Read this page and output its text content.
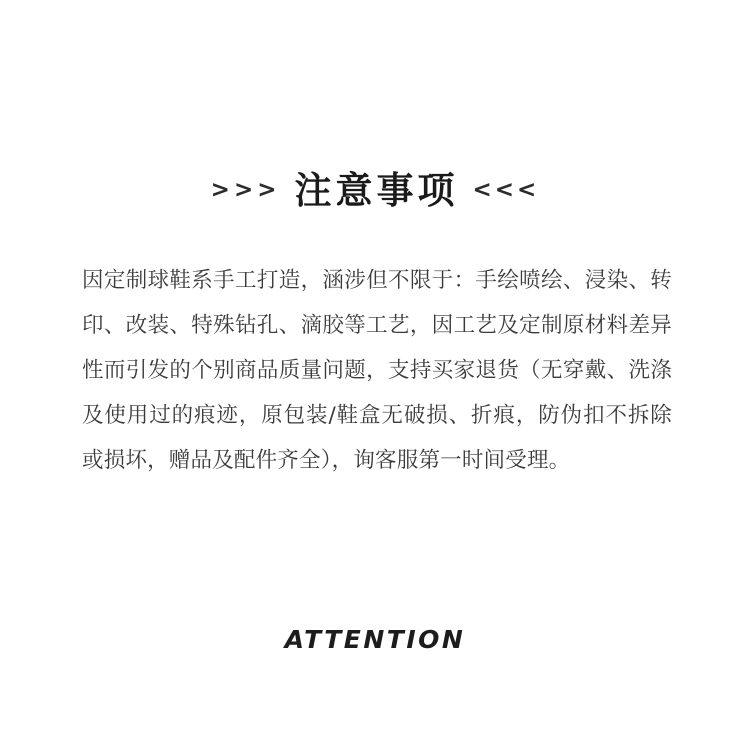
>>> 注意事项 <<<
因定制球鞋系手工打造，涵涉但不限于：手绘喷绘、浸染、转印、改装、特殊钻孔、滴胶等工艺，因工艺及定制原材料差异性而引发的个别商品质量问题，支持买家退货（无穿戴、洗涤及使用过的痕迹，原包装/鞋盒无破损、折痕，防伪扣不拆除或损坏，赠品及配件齐全），询客服第一时间受理。
ATTENTION
